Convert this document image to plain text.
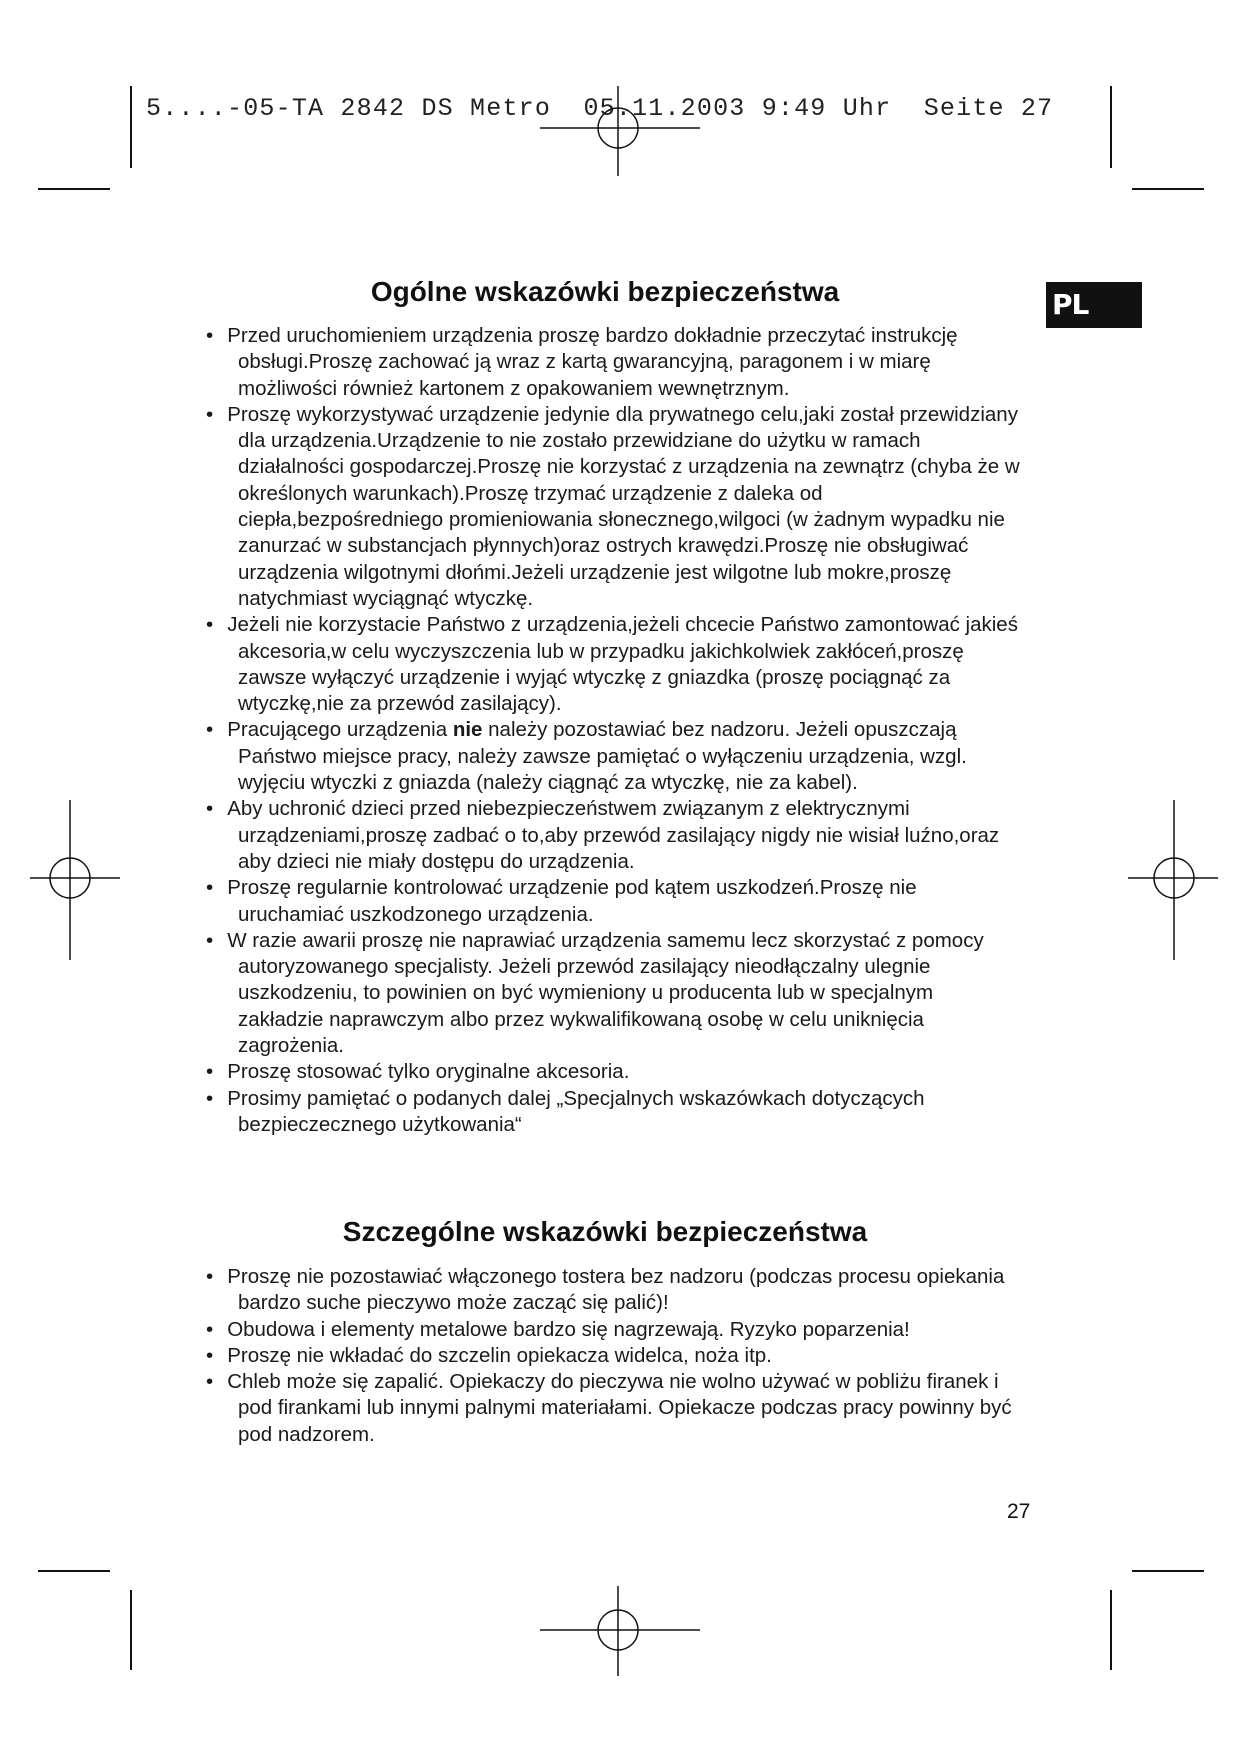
5....-05-TA 2842 DS Metro  05.11.2003 9:49 Uhr  Seite 27
PL
Ogólne wskazówki bezpieczeństwa
• Przed uruchomieniem urządzenia proszę bardzo dokładnie przeczytać instrukcję obsługi.Proszę zachować ją wraz z kartą gwarancyjną, paragonem i w miarę możliwości również kartonem z opakowaniem wewnętrznym.
• Proszę wykorzystywać urządzenie jedynie dla prywatnego celu,jaki został przewidziany dla urządzenia.Urządzenie to nie zostało przewidziane do użytku w ramach działalności gospodarczej.Proszę nie korzystać z urządzenia na zewnątrz (chyba że w określonych warunkach).Proszę trzymać urządzenie z daleka od ciepła,bezpośredniego promieniowania słonecznego,wilgoci (w żadnym wypadku nie zanurzać w substancjach płynnych)oraz ostrych krawędzi.Proszę nie obsługiwać urządzenia wilgotnymi dłońmi.Jeżeli urządzenie jest wilgotne lub mokre,proszę natychmiast wyciągnąć wtyczkę.
• Jeżeli nie korzystacie Państwo z urządzenia,jeżeli chcecie Państwo zamontować jakieś akcesoria,w celu wyczyszczenia lub w przypadku jakichkolwiek zakłóceń,proszę zawsze wyłączyć urządzenie i wyjąć wtyczkę z gniazdka (proszę pociągnąć za wtyczkę,nie za przewód zasilający).
• Pracującego urządzenia nie należy pozostawiać bez nadzoru. Jeżeli opuszczają Państwo miejsce pracy, należy zawsze pamiętać o wyłączeniu urządzenia, wzgl. wyjęciu wtyczki z gniazda (należy ciągnąć za wtyczkę, nie za kabel).
• Aby uchronić dzieci przed niebezpieczeństwem związanym z elektrycznymi urządzeniami,proszę zadbać o to,aby przewód zasilający nigdy nie wisiał luźno,oraz aby dzieci nie miały dostępu do urządzenia.
• Proszę regularnie kontrolować urządzenie pod kątem uszkodzeń.Proszę nie uruchamiać uszkodzonego urządzenia.
• W razie awarii proszę nie naprawiać urządzenia samemu lecz skorzystać z pomocy autoryzowanego specjalisty. Jeżeli przewód zasilający nieodłączalny ulegnie uszkodzeniu, to powinien on być wymieniony u producenta lub w specjalnym zakładzie naprawczym albo przez wykwalifikowaną osobę w celu uniknięcia zagrożenia.
• Proszę stosować tylko oryginalne akcesoria.
• Prosimy pamiętać o podanych dalej „Specjalnych wskazówkach dotyczących bezpieczecznego użytkowania“
Szczególne wskazówki bezpieczeństwa
• Proszę nie pozostawiać włączonego tostera bez nadzoru (podczas procesu opiekania bardzo suche pieczywo może zacząć się palić)!
• Obudowa i elementy metalowe bardzo się nagrzewają. Ryzyko poparzenia!
• Proszę nie wkładać do szczelin opiekacza widelca, noża itp.
• Chleb może się zapalić. Opiekaczy do pieczywa nie wolno używać w pobliżu firanek i pod firankami lub innymi palnymi materiałami. Opiekacze podczas pracy powinny być pod nadzorem.
27
